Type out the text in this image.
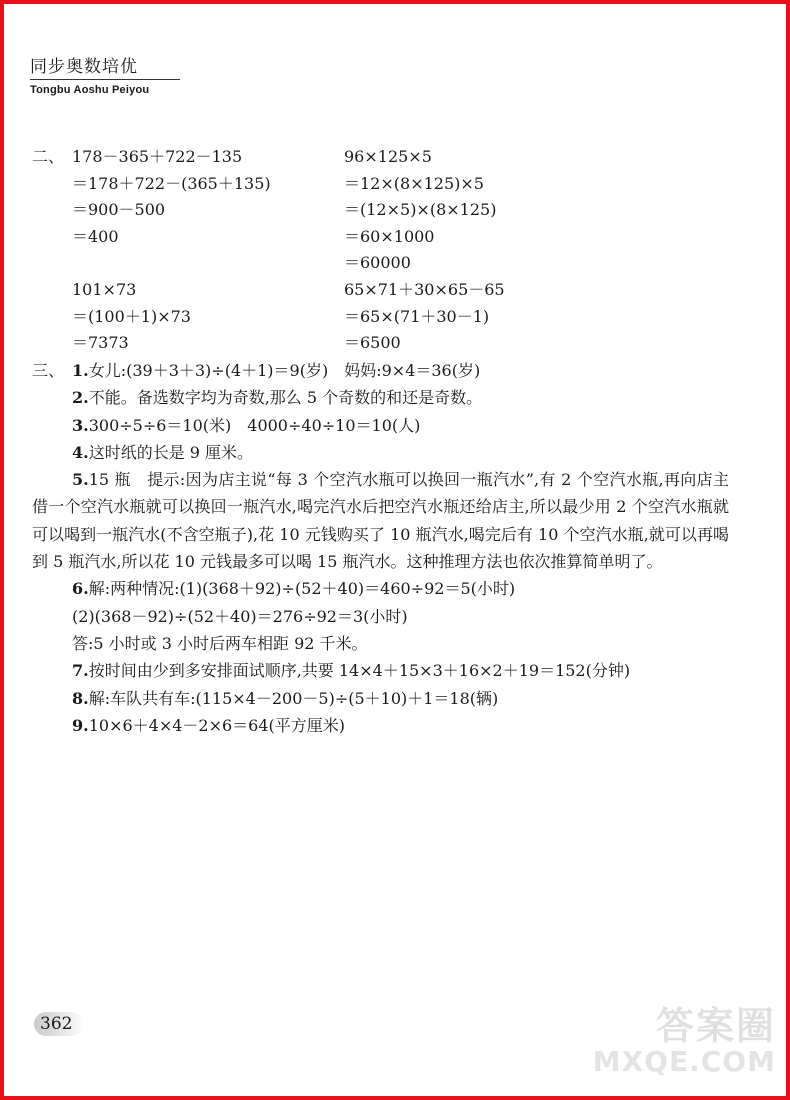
同步奥数培优
Tongbu Aoshu Peiyou
二、 178－365＋722－135
＝178＋722－(365＋135)
＝900－500
＝400
101×73
＝(100＋1)×73
＝7373
96×125×5
＝12×(8×125)×5
＝(12×5)×(8×125)
＝60×1000
＝60000
65×71＋30×65－65
＝65×(71＋30－1)
＝6500
三、 1.女儿:(39＋3＋3)÷(4＋1)＝9(岁)　妈妈:9×4＝36(岁)
2.不能。备选数字均为奇数,那么 5 个奇数的和还是奇数。
3.300÷5÷6＝10(米)　4000÷40÷10＝10(人)
4.这时纸的长是 9 厘米。

5.15 瓶　提示:因为店主说“每 3 个空汽水瓶可以换回一瓶汽水”,有 2 个空汽水瓶,再向店主借一个空汽水瓶就可以换回一瓶汽水,喝完汽水后把空汽水瓶还给店主,所以最少用 2 个空汽水瓶就可以喝到一瓶汽水(不含空瓶子),花 10 元钱购买了 10 瓶汽水,喝完后有 10 个空汽水瓶,就可以再喝到 5 瓶汽水,所以花 10 元钱最多可以喝 15 瓶汽水。这种推理方法也依次推算简单明了。

6.解:两种情况:(1)(368＋92)÷(52＋40)＝460÷92＝5(小时)
(2)(368－92)÷(52＋40)＝276÷92＝3(小时)
答:5 小时或 3 小时后两车相距 92 千米。

7.按时间由少到多安排面试顺序,共要 14×4＋15×3＋16×2＋19＝152(分钟)

8.解:车队共有车:(115×4－200－5)÷(5＋10)＋1＝18(辆)
9.10×6＋4×4－2×6＝64(平方厘米)
362	答案圈
MXQE.COM
